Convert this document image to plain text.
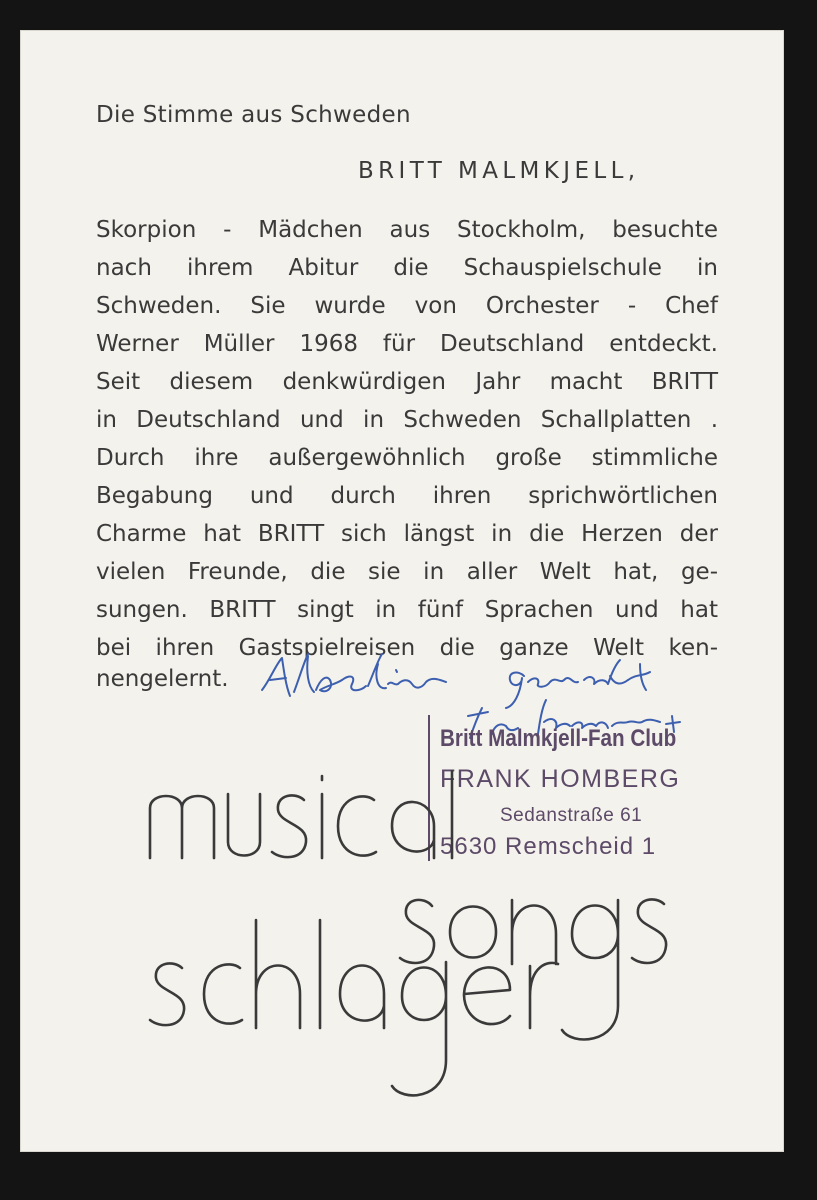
Die Stimme aus Schweden
BRITT MALMKJELL,
Skorpion - Mädchen aus Stockholm, besuchte
nach ihrem Abitur die Schauspielschule in
Schweden. Sie wurde von Orchester - Chef
Werner Müller 1968 für Deutschland entdeckt.
Seit diesem denkwürdigen Jahr macht BRITT
in Deutschland und in Schweden Schallplatten .
Durch ihre außergewöhnlich große stimmliche
Begabung und durch ihren sprichwörtlichen
Charme hat BRITT sich längst in die Herzen der
vielen Freunde, die sie in aller Welt hat, ge-
sungen. BRITT singt in fünf Sprachen und hat
bei ihren Gastspielreisen die ganze Welt ken-
nengelernt.
Britt Malmkjell-Fan Club
FRANK HOMBERG
Sedanstraße 61
5630 Remscheid 1
